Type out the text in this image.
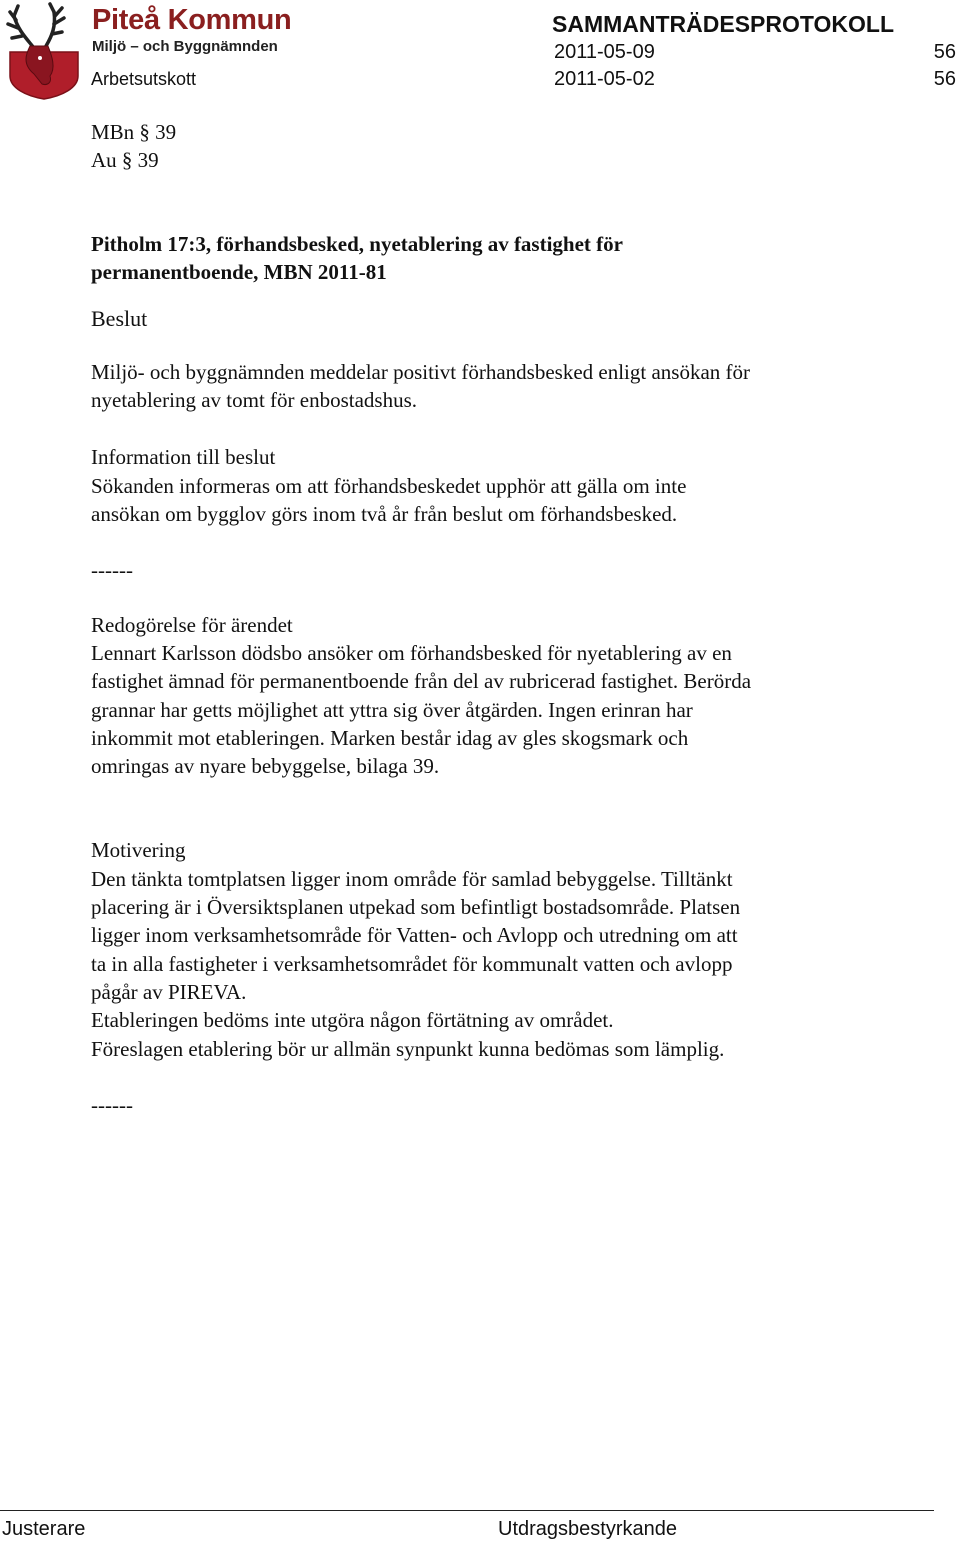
Piteå Kommun
Miljö – och Byggnämnden
Arbetsutskott
SAMMANTRÄDESPROTOKOLL
2011-05-09	56
2011-05-02	56

MBn § 39

Au § 39

Pitholm 17:3, förhandsbesked, nyetablering av fastighet för
permanentboende, MBN 2011-81

Beslut

Miljö- och byggnämnden meddelar positivt förhandsbesked enligt ansökan för
nyetablering av tomt för enbostadshus.

Information till beslut

Sökanden informeras om att förhandsbeskedet upphör att gälla om inte
ansökan om bygglov görs inom två år från beslut om förhandsbesked.

------

Redogörelse för ärendet

Lennart Karlsson dödsbo ansöker om förhandsbesked för nyetablering av en
fastighet ämnad för permanentboende från del av rubricerad fastighet. Berörda
grannar har getts möjlighet att yttra sig över åtgärden. Ingen erinran har
inkommit mot etableringen. Marken består idag av gles skogsmark och
omringas av nyare bebyggelse, bilaga 39.

Motivering

Den tänkta tomtplatsen ligger inom område för samlad bebyggelse. Tilltänkt
placering är i Översiktsplanen utpekad som befintligt bostadsområde. Platsen
ligger inom verksamhetsområde för Vatten- och Avlopp och utredning om att
ta in alla fastigheter i verksamhetsområdet för kommunalt vatten och avlopp
pågår av PIREVA.
Etableringen bedöms inte utgöra någon förtätning av området.
Föreslagen etablering bör ur allmän synpunkt kunna bedömas som lämplig.

------

Justerare	Utdragsbestyrkande
